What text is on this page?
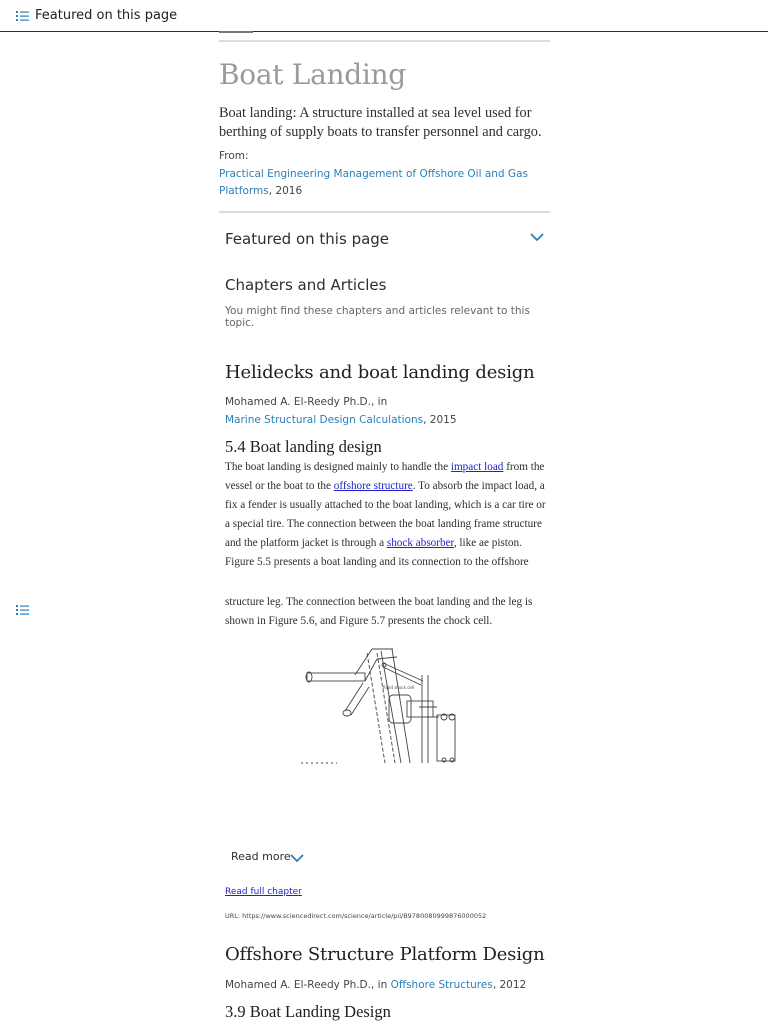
Featured on this page
Boat Landing

Boat landing: A structure installed at sea level used for berthing of supply boats to transfer personnel and cargo.

From:
Practical Engineering Management of Offshore Oil and Gas Platforms, 2016
Featured on this page
Chapters and Articles
You might find these chapters and articles relevant to this topic.
Helidecks and boat landing design
Mohamed A. El-Reedy Ph.D., in
Marine Structural Design Calculations, 2015
5.4 Boat landing design

The boat landing is designed mainly to handle the impact load from the vessel or the boat to the offshore structure. To absorb the impact load, a fix a fender is usually attached to the boat landing, which is a car tire or a special tire. The connection between the boat landing frame structure and the platform jacket is through a shock absorber, like ae piston. Figure 5.5 presents a boat landing and its connection to the offshore

structure leg. The connection between the boat landing and the leg is shown in Figure 5.6, and Figure 5.7 presents the chock cell.

Rigid shock cell
Read more
Read full chapter
URL: https://www.sciencedirect.com/science/article/pii/B9780080999876000052
Offshore Structure Platform Design
Mohamed A. El-Reedy Ph.D., in Offshore Structures, 2012
3.9 Boat Landing Design
